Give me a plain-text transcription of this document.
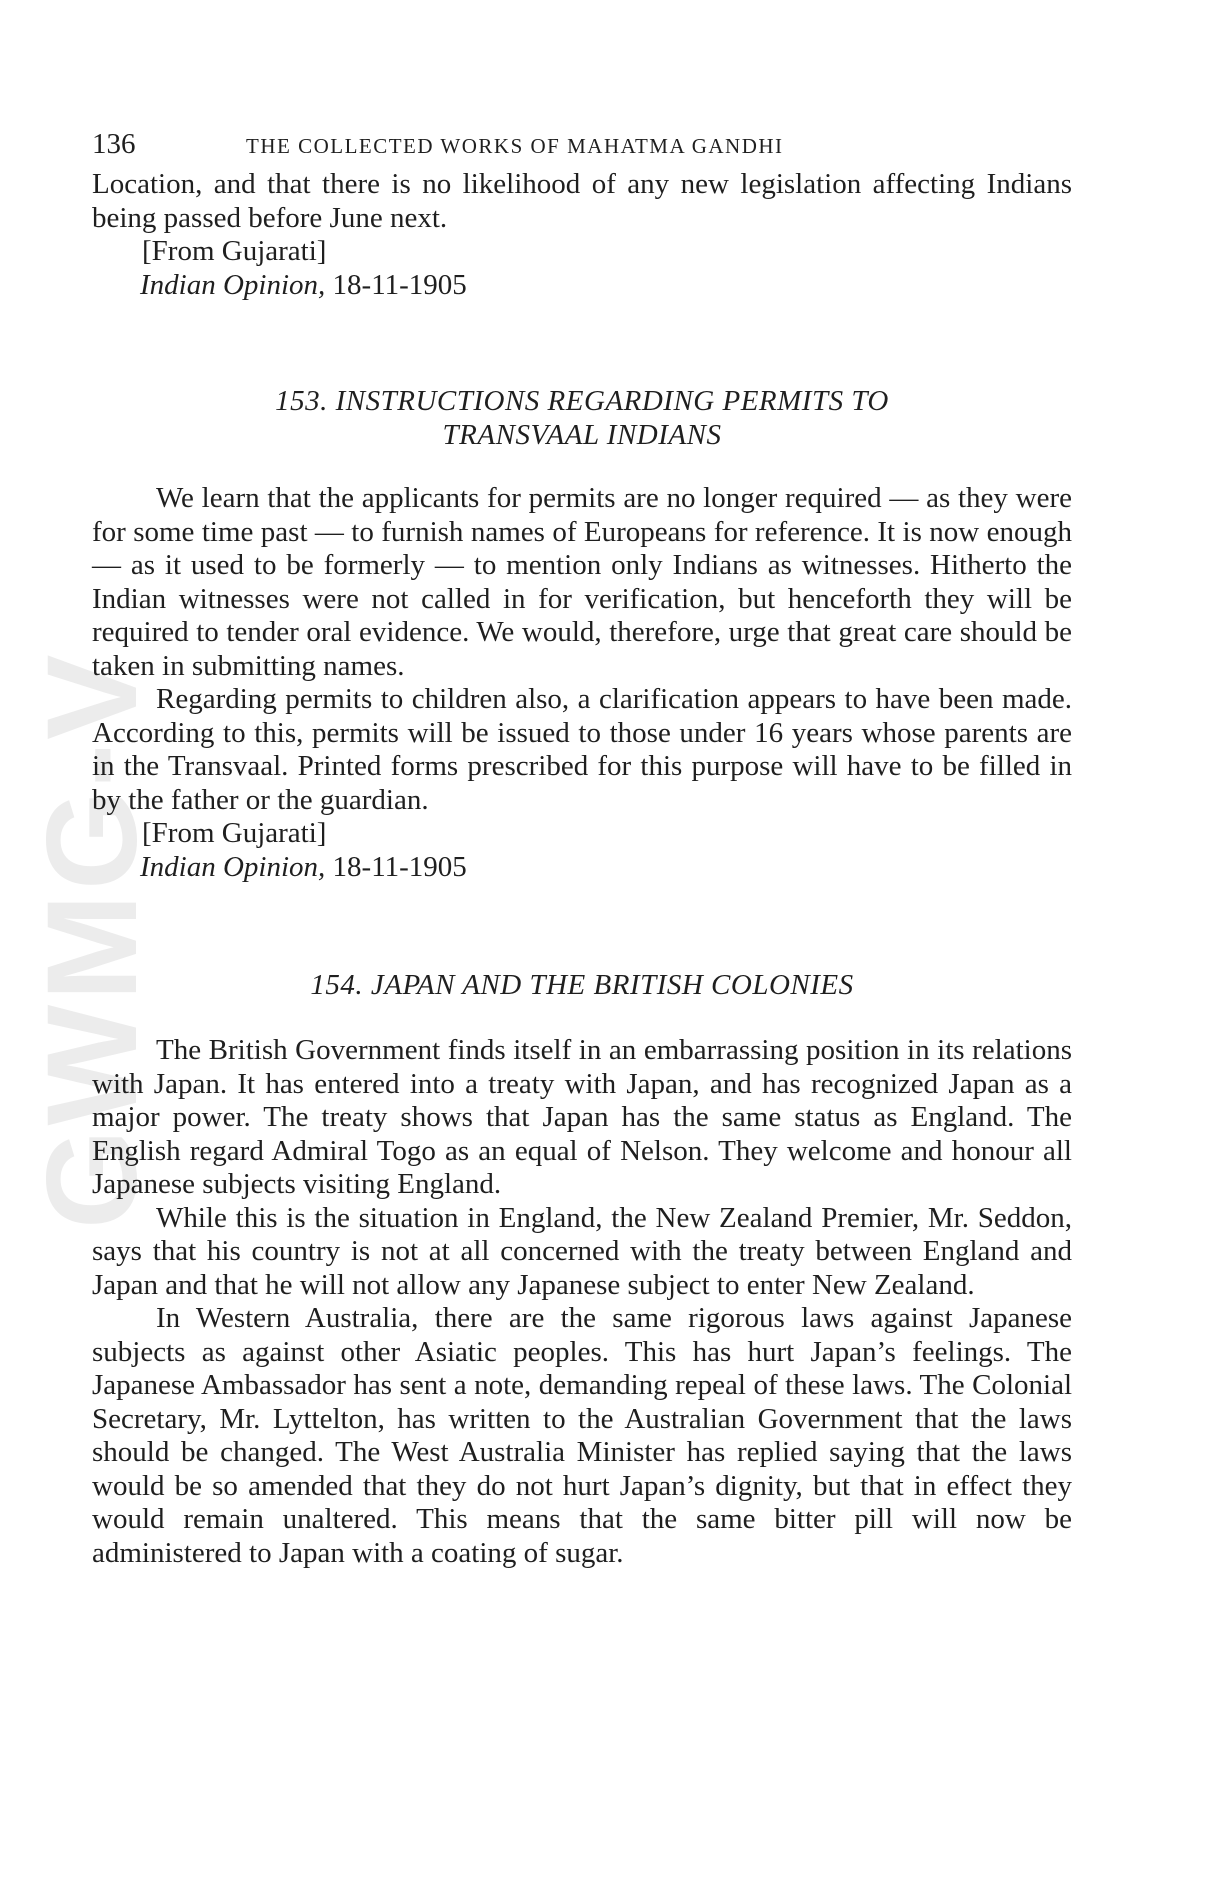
GWMG-V
136	THE COLLECTED WORKS OF MAHATMA GANDHI

Location, and that there is no likelihood of any new legislation affecting Indians being passed before June next.

[From Gujarati]
Indian Opinion, 18-11-1905
153. INSTRUCTIONS REGARDING PERMITS TO
TRANSVAAL INDIANS

We learn that the applicants for permits are no longer required — as they were for some time past — to furnish names of Europeans for reference. It is now enough — as it used to be formerly — to mention only Indians as witnesses. Hitherto the Indian witnesses were not called in for verification, but henceforth they will be required to tender oral evidence. We would, therefore, urge that great care should be taken in submitting names.

Regarding permits to children also, a clarification appears to have been made. According to this, permits will be issued to those under 16 years whose parents are in the Transvaal. Printed forms prescribed for this purpose will have to be filled in by the father or the guardian.

[From Gujarati]
Indian Opinion, 18-11-1905
154. JAPAN AND THE BRITISH COLONIES

The British Government finds itself in an embarrassing position in its relations with Japan. It has entered into a treaty with Japan, and has recognized Japan as a major power. The treaty shows that Japan has the same status as England. The English regard Admiral Togo as an equal of Nelson. They welcome and honour all Japanese subjects visiting England.

While this is the situation in England, the New Zealand Premier, Mr. Seddon, says that his country is not at all concerned with the treaty between England and Japan and that he will not allow any Japanese subject to enter New Zealand.

In Western Australia, there are the same rigorous laws against Japanese subjects as against other Asiatic peoples. This has hurt Japan’s feelings. The Japanese Ambassador has sent a note, demanding repeal of these laws. The Colonial Secretary, Mr. Lyttelton, has written to the Australian Government that the laws should be changed. The West Australia Minister has replied saying that the laws would be so amended that they do not hurt Japan’s dignity, but that in effect they would remain unaltered. This means that the same bitter pill will now be administered to Japan with a coating of sugar.
